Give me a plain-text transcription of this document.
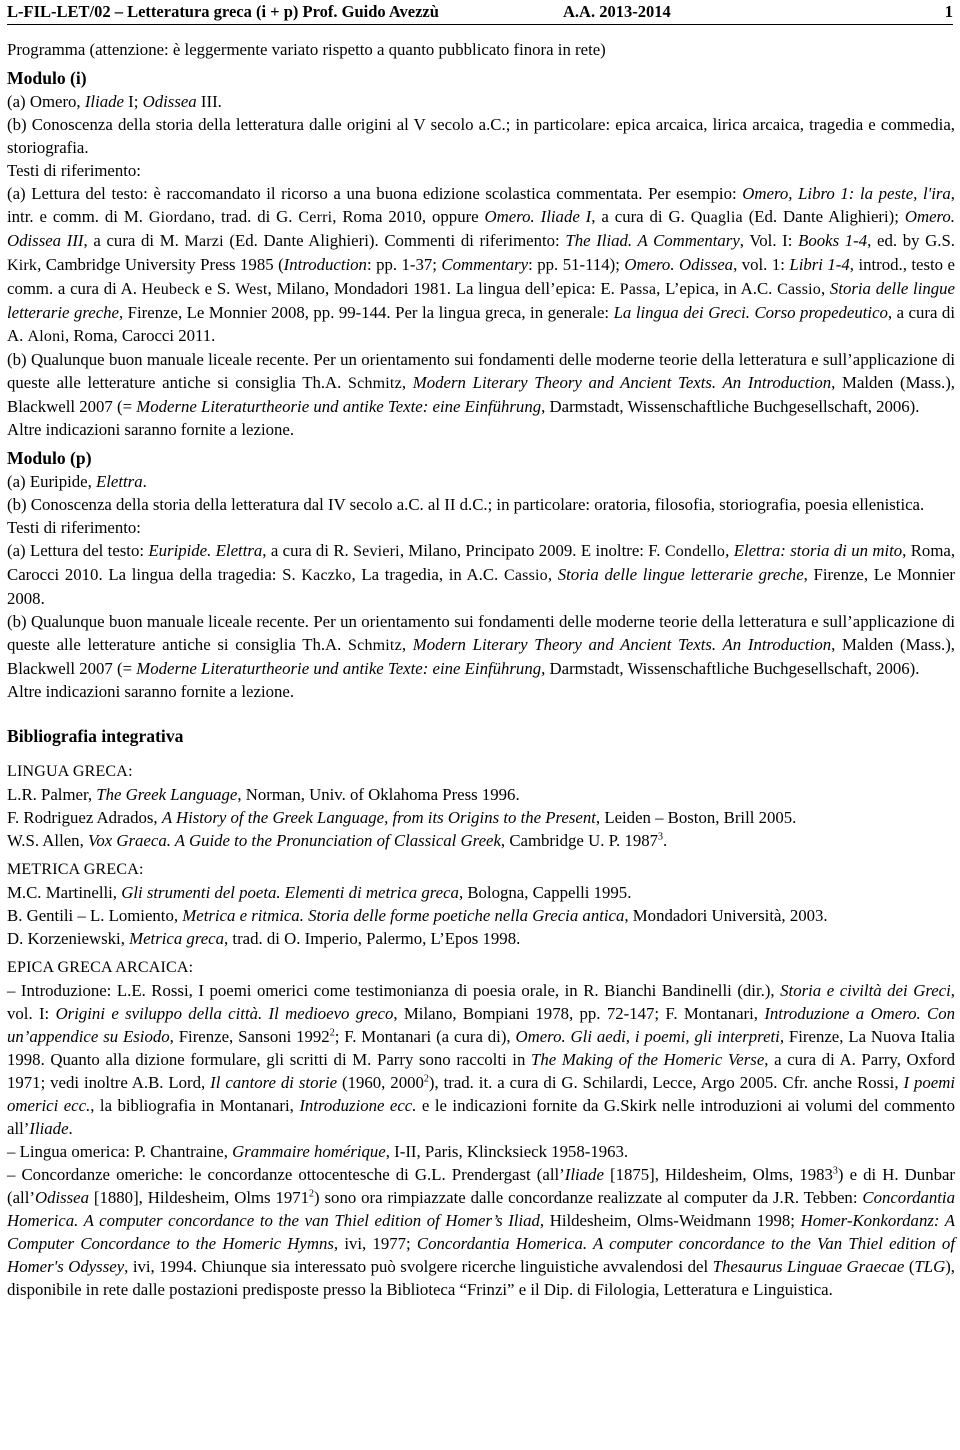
L-FIL-LET/02 – Letteratura greca (i + p) Prof. Guido Avezzù	A.A. 2013-2014	1

Programma (attenzione: è leggermente variato rispetto a quanto pubblicato finora in rete)

Modulo (i)

(a) Omero, Iliade I; Odissea III.

(b) Conoscenza della storia della letteratura dalle origini al V secolo a.C.; in particolare: epica arcaica, lirica arcaica, tragedia e commedia, storiografia.

Testi di riferimento:

(a) Lettura del testo: è raccomandato il ricorso a una buona edizione scolastica commentata. Per esempio: Omero, Libro 1: la peste, l'ira, intr. e comm. di M. Giordano, trad. di G. Cerri, Roma 2010, oppure Omero. Iliade I, a cura di G. Quaglia (Ed. Dante Alighieri); Omero. Odissea III, a cura di M. Marzi (Ed. Dante Alighieri). Commenti di riferimento: The Iliad. A Commentary, Vol. I: Books 1-4, ed. by G.S. Kirk, Cambridge University Press 1985 (Introduction: pp. 1-37; Commentary: pp. 51-114); Omero. Odissea, vol. 1: Libri 1-4, introd., testo e comm. a cura di A. Heubeck e S. West, Milano, Mondadori 1981. La lingua dell’epica: E. Passa, L’epica, in A.C. Cassio, Storia delle lingue letterarie greche, Firenze, Le Monnier 2008, pp. 99-144. Per la lingua greca, in generale: La lingua dei Greci. Corso propedeutico, a cura di A. Aloni, Roma, Carocci 2011.

(b) Qualunque buon manuale liceale recente. Per un orientamento sui fondamenti delle moderne teorie della letteratura e sull’applicazione di queste alle letterature antiche si consiglia Th.A. Schmitz, Modern Literary Theory and Ancient Texts. An Introduction, Malden (Mass.), Blackwell 2007 (= Moderne Literaturtheorie und antike Texte: eine Einführung, Darmstadt, Wissenschaftliche Buchgesellschaft, 2006).

Altre indicazioni saranno fornite a lezione.

Modulo (p)

(a) Euripide, Elettra.

(b) Conoscenza della storia della letteratura dal IV secolo a.C. al II d.C.; in particolare: oratoria, filosofia, storiografia, poesia ellenistica.

Testi di riferimento:

(a) Lettura del testo: Euripide. Elettra, a cura di R. Sevieri, Milano, Principato 2009. E inoltre: F. Condello, Elettra: storia di un mito, Roma, Carocci 2010. La lingua della tragedia: S. Kaczko, La tragedia, in A.C. Cassio, Storia delle lingue letterarie greche, Firenze, Le Monnier 2008.

(b) Qualunque buon manuale liceale recente. Per un orientamento sui fondamenti delle moderne teorie della letteratura e sull’applicazione di queste alle letterature antiche si consiglia Th.A. Schmitz, Modern Literary Theory and Ancient Texts. An Introduction, Malden (Mass.), Blackwell 2007 (= Moderne Literaturtheorie und antike Texte: eine Einführung, Darmstadt, Wissenschaftliche Buchgesellschaft, 2006).

Altre indicazioni saranno fornite a lezione.

Bibliografia integrativa

LINGUA GRECA:

L.R. Palmer, The Greek Language, Norman, Univ. of Oklahoma Press 1996.

F. Rodriguez Adrados, A History of the Greek Language, from its Origins to the Present, Leiden – Boston, Brill 2005.

W.S. Allen, Vox Graeca. A Guide to the Pronunciation of Classical Greek, Cambridge U. P. 1987$^3$.

METRICA GRECA:

M.C. Martinelli, Gli strumenti del poeta. Elementi di metrica greca, Bologna, Cappelli 1995.

B. Gentili – L. Lomiento, Metrica e ritmica. Storia delle forme poetiche nella Grecia antica, Mondadori Università, 2003.

D. Korzeniewski, Metrica greca, trad. di O. Imperio, Palermo, L’Epos 1998.

EPICA GRECA ARCAICA:

– Introduzione: L.E. Rossi, I poemi omerici come testimonianza di poesia orale, in R. Bianchi Bandinelli (dir.), Storia e civiltà dei Greci, vol. I: Origini e sviluppo della città. Il medioevo greco, Milano, Bompiani 1978, pp. 72-147; F. Montanari, Introduzione a Omero. Con un’appendice su Esiodo, Firenze, Sansoni 1992$^2$; F. Montanari (a cura di), Omero. Gli aedi, i poemi, gli interpreti, Firenze, La Nuova Italia 1998. Quanto alla dizione formulare, gli scritti di M. Parry sono raccolti in The Making of the Homeric Verse, a cura di A. Parry, Oxford 1971; vedi inoltre A.B. Lord, Il cantore di storie (1960, 2000$^2$), trad. it. a cura di G. Schilardi, Lecce, Argo 2005. Cfr. anche Rossi, I poemi omerici ecc., la bibliografia in Montanari, Introduzione ecc. e le indicazioni fornite da G.Skirk nelle introduzioni ai volumi del commento all’Iliade.

– Lingua omerica: P. Chantraine, Grammaire homérique, I-II, Paris, Klincksieck 1958-1963.

– Concordanze omeriche: le concordanze ottocentesche di G.L. Prendergast (all’Iliade [1875], Hildesheim, Olms, 1983$^3$) e di H. Dunbar (all’Odissea [1880], Hildesheim, Olms 1971$^2$) sono ora rimpiazzate dalle concordanze realizzate al computer da J.R. Tebben: Concordantia Homerica. A computer concordance to the van Thiel edition of Homer’s Iliad, Hildesheim, Olms-Weidmann 1998; Homer-Konkordanz: A Computer Concordance to the Homeric Hymns, ivi, 1977; Concordantia Homerica. A computer concordance to the Van Thiel edition of Homer's Odyssey, ivi, 1994. Chiunque sia interessato può svolgere ricerche linguistiche avvalendosi del Thesaurus Linguae Graecae (TLG), disponibile in rete dalle postazioni predisposte presso la Biblioteca “Frinzi” e il Dip. di Filologia, Letteratura e Linguistica.
